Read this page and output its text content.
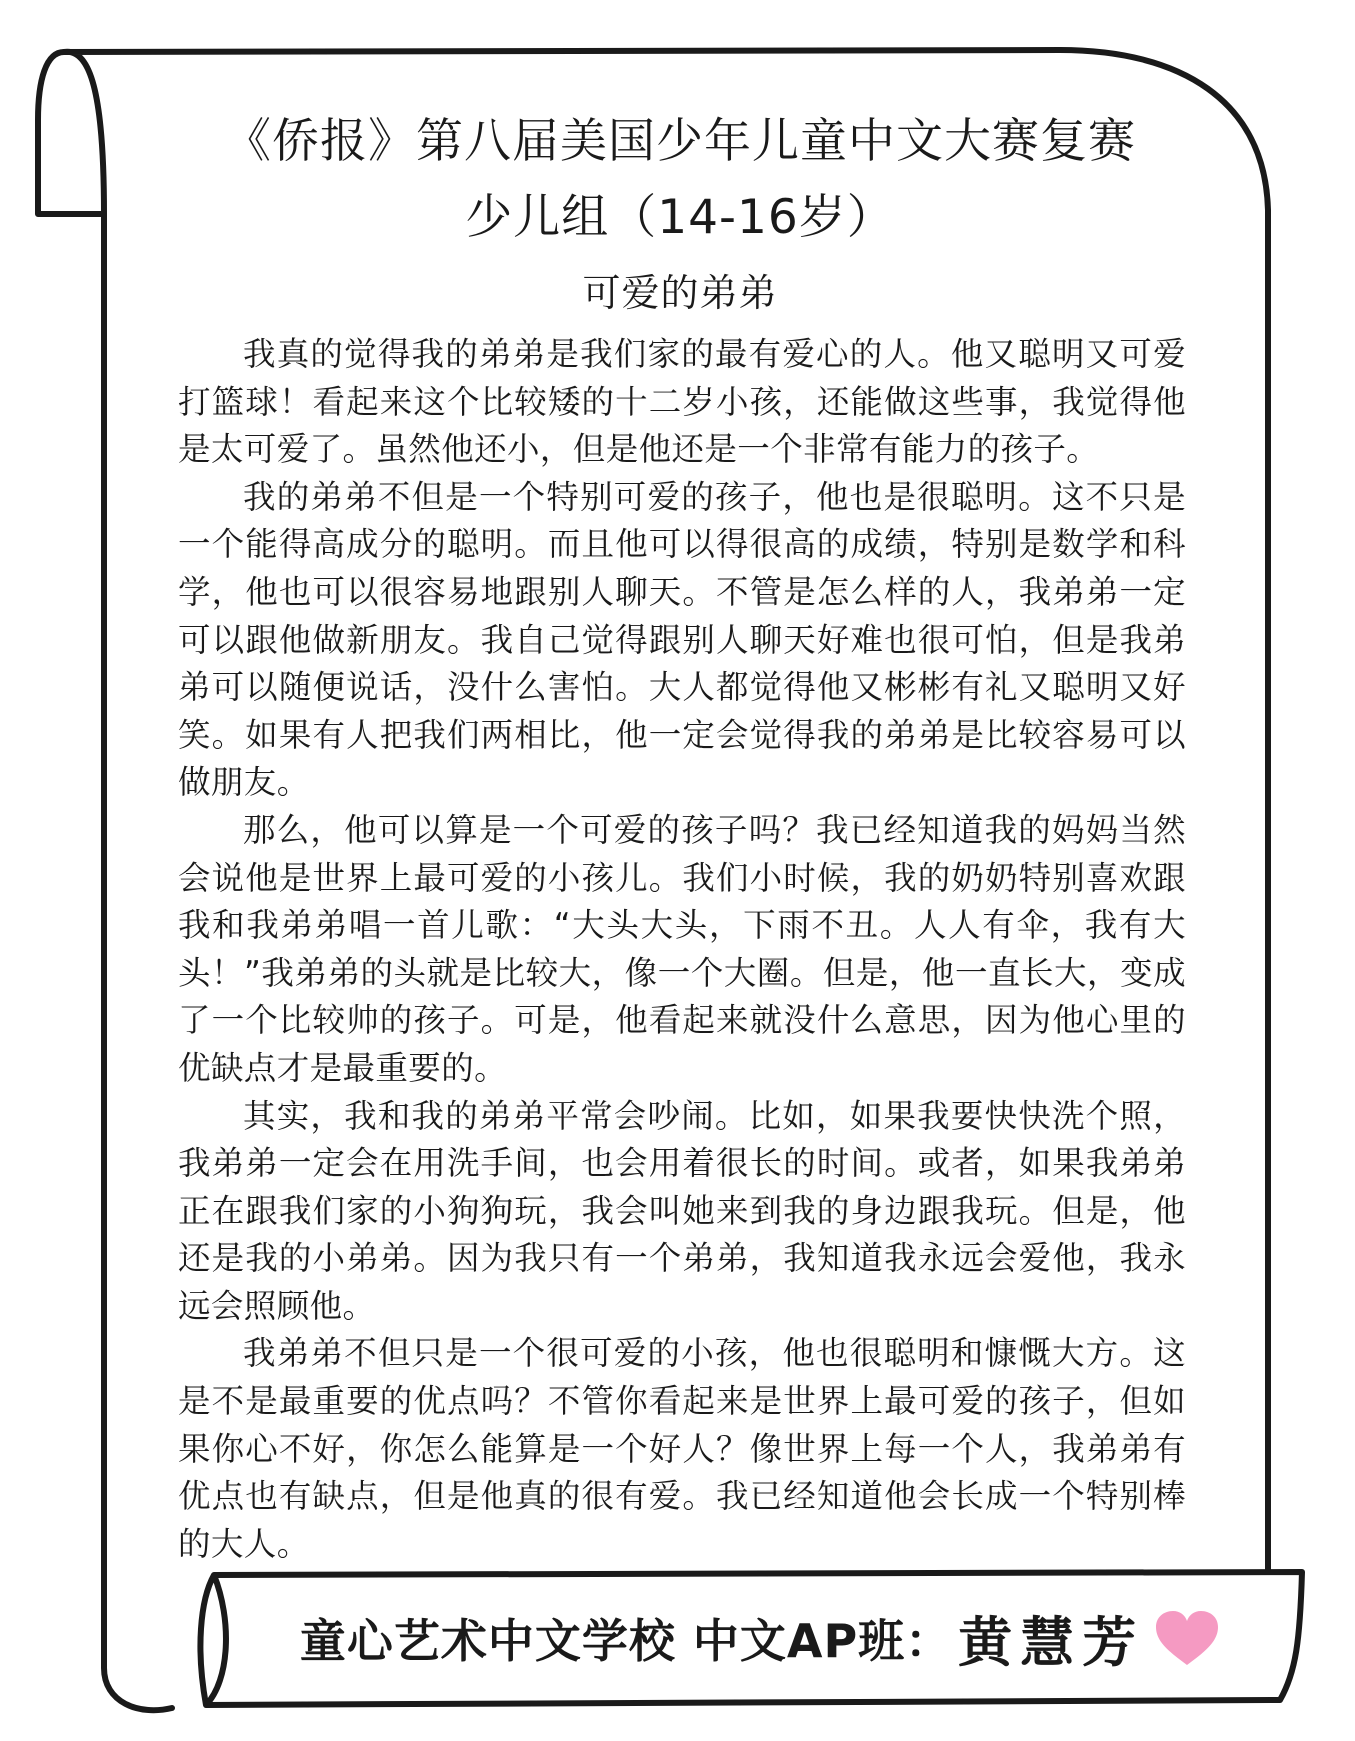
《侨报》第八届美国少年儿童中文大赛复赛
少儿组（14-16岁）
可爱的弟弟

我真的觉得我的弟弟是我们家的最有爱心的人。他又聪明又可爱打篮球！看起来这个比较矮的十二岁小孩，还能做这些事，我觉得他是太可爱了。虽然他还小，但是他还是一个非常有能力的孩子。

我的弟弟不但是一个特别可爱的孩子，他也是很聪明。这不只是一个能得高成分的聪明。而且他可以得很高的成绩，特别是数学和科学，他也可以很容易地跟别人聊天。不管是怎么样的人，我弟弟一定可以跟他做新朋友。我自己觉得跟别人聊天好难也很可怕，但是我弟弟可以随便说话，没什么害怕。大人都觉得他又彬彬有礼又聪明又好笑。如果有人把我们两相比，他一定会觉得我的弟弟是比较容易可以做朋友。

那么，他可以算是一个可爱的孩子吗？我已经知道我的妈妈当然会说他是世界上最可爱的小孩儿。我们小时候，我的奶奶特别喜欢跟我和我弟弟唱一首儿歌：“大头大头，下雨不丑。人人有伞，我有大头！”我弟弟的头就是比较大，像一个大圈。但是，他一直长大，变成了一个比较帅的孩子。可是，他看起来就没什么意思，因为他心里的优缺点才是最重要的。

其实，我和我的弟弟平常会吵闹。比如，如果我要快快洗个照，我弟弟一定会在用洗手间，也会用着很长的时间。或者，如果我弟弟正在跟我们家的小狗狗玩，我会叫她来到我的身边跟我玩。但是，他还是我的小弟弟。因为我只有一个弟弟，我知道我永远会爱他，我永远会照顾他。

我弟弟不但只是一个很可爱的小孩，他也很聪明和慷慨大方。这是不是最重要的优点吗？不管你看起来是世界上最可爱的孩子，但如果你心不好，你怎么能算是一个好人？像世界上每一个人，我弟弟有优点也有缺点，但是他真的很有爱。我已经知道他会长成一个特别棒的大人。

童心艺术中文学校 中文AP班： 黄慧芳
